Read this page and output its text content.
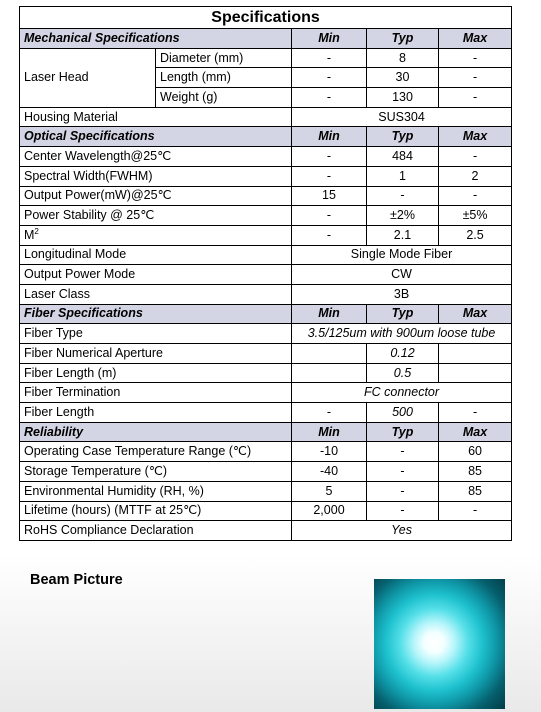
Specifications				
Mechanical Specifications		Min	Typ	Max
Laser Head	Diameter (mm)	-	8	-
	Length (mm)	-	30	-
	Weight (g)	-	130	-
Housing Material		SUS304		
Optical Specifications		Min	Typ	Max
Center Wavelength@25℃		-	484	-
Spectral Width(FWHM)		-	1	2
Output Power(mW)@25℃		15	-	-
Power Stability @ 25℃		-	±2%	±5%
$M^2$		-	2.1	2.5
Longitudinal Mode		Single Mode Fiber		
Output Power Mode		CW		
Laser Class		3B		
Fiber Specifications		Min	Typ	Max
Fiber Type		3.5/125um with 900um loose tube		
Fiber Numerical Aperture			0.12	
Fiber Length (m)			0.5	
Fiber Termination		FC connector		
Fiber Length		-	500	-
Reliability		Min	Typ	Max
Operating Case Temperature Range (℃)		-10	-	60
Storage Temperature (℃)		-40	-	85
Environmental Humidity (RH, %)		5	-	85
Lifetime (hours) (MTTF at 25℃)		2,000	-	-
RoHS Compliance Declaration		Yes		
Beam Picture
